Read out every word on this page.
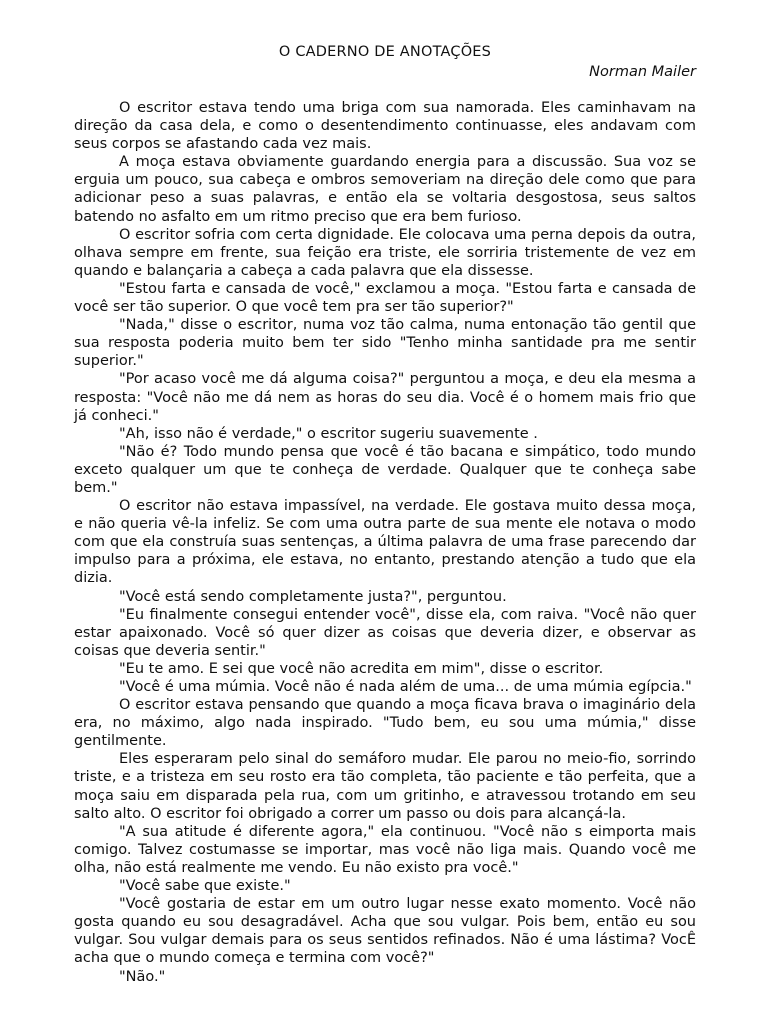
O CADERNO DE ANOTAÇÕES
Norman Mailer

O escritor estava tendo uma briga com sua namorada. Eles caminhavam na direção da casa dela, e como o desentendimento continuasse, eles andavam com seus corpos se afastando cada vez mais.

A moça estava obviamente guardando energia para a discussão. Sua voz se erguia um pouco, sua cabeça e ombros semoveriam na direção dele como que para adicionar peso a suas palavras, e então ela se voltaria desgostosa, seus saltos batendo no asfalto em um ritmo preciso que era bem furioso.

O escritor sofria com certa dignidade. Ele colocava uma perna depois da outra, olhava sempre em frente, sua feição era triste, ele sorriria tristemente de vez em quando e balançaria a cabeça a cada palavra que ela dissesse.

"Estou farta e cansada de você," exclamou a moça. "Estou farta e cansada de você ser tão superior. O que você tem pra ser tão superior?"

"Nada," disse o escritor, numa voz tão calma, numa entonação tão gentil que sua resposta poderia muito bem ter sido "Tenho minha santidade pra me sentir superior."

"Por acaso você me dá alguma coisa?" perguntou a moça, e deu ela mesma a resposta: "Você não me dá nem as horas do seu dia. Você é o homem mais frio que já conheci."

"Ah, isso não é verdade," o escritor sugeriu suavemente .

"Não é? Todo mundo pensa que você é tão bacana e simpático, todo mundo exceto qualquer um que te conheça de verdade. Qualquer que te conheça sabe bem."

O escritor não estava impassível, na verdade. Ele gostava muito dessa moça, e não queria vê-la infeliz. Se com uma outra parte de sua mente ele notava o modo com que ela construía suas sentenças, a última palavra de uma frase parecendo dar impulso para a próxima, ele estava, no entanto, prestando atenção a tudo que ela dizia.

"Você está sendo completamente justa?", perguntou.

"Eu finalmente consegui entender você", disse ela, com raiva. "Você não quer estar apaixonado. Você só quer dizer as coisas que deveria dizer, e observar as coisas que deveria sentir."

"Eu te amo. E sei que você não acredita em mim", disse o escritor.

"Você é uma múmia. Você não é nada além de uma... de uma múmia egípcia."

O escritor estava pensando que quando a moça ficava brava o imaginário dela era, no máximo, algo nada inspirado. "Tudo bem, eu sou uma múmia," disse gentilmente.

Eles esperaram pelo sinal do semáforo mudar. Ele parou no meio-fio, sorrindo triste, e a tristeza em seu rosto era tão completa, tão paciente e tão perfeita, que a moça saiu em disparada pela rua, com um gritinho, e atravessou trotando em seu salto alto. O escritor foi obrigado a correr um passo ou dois para alcançá-la.

"A sua atitude é diferente agora," ela continuou. "Você não s eimporta mais comigo. Talvez costumasse se importar, mas você não liga mais. Quando você me olha, não está realmente me vendo. Eu não existo pra você."

"Você sabe que existe."

"Você gostaria de estar em um outro lugar nesse exato momento. Você não gosta quando eu sou desagradável. Acha que sou vulgar. Pois bem, então eu sou vulgar. Sou vulgar demais para os seus sentidos refinados. Não é uma lástima? VocÊ acha que o mundo começa e termina com você?"

"Não."
